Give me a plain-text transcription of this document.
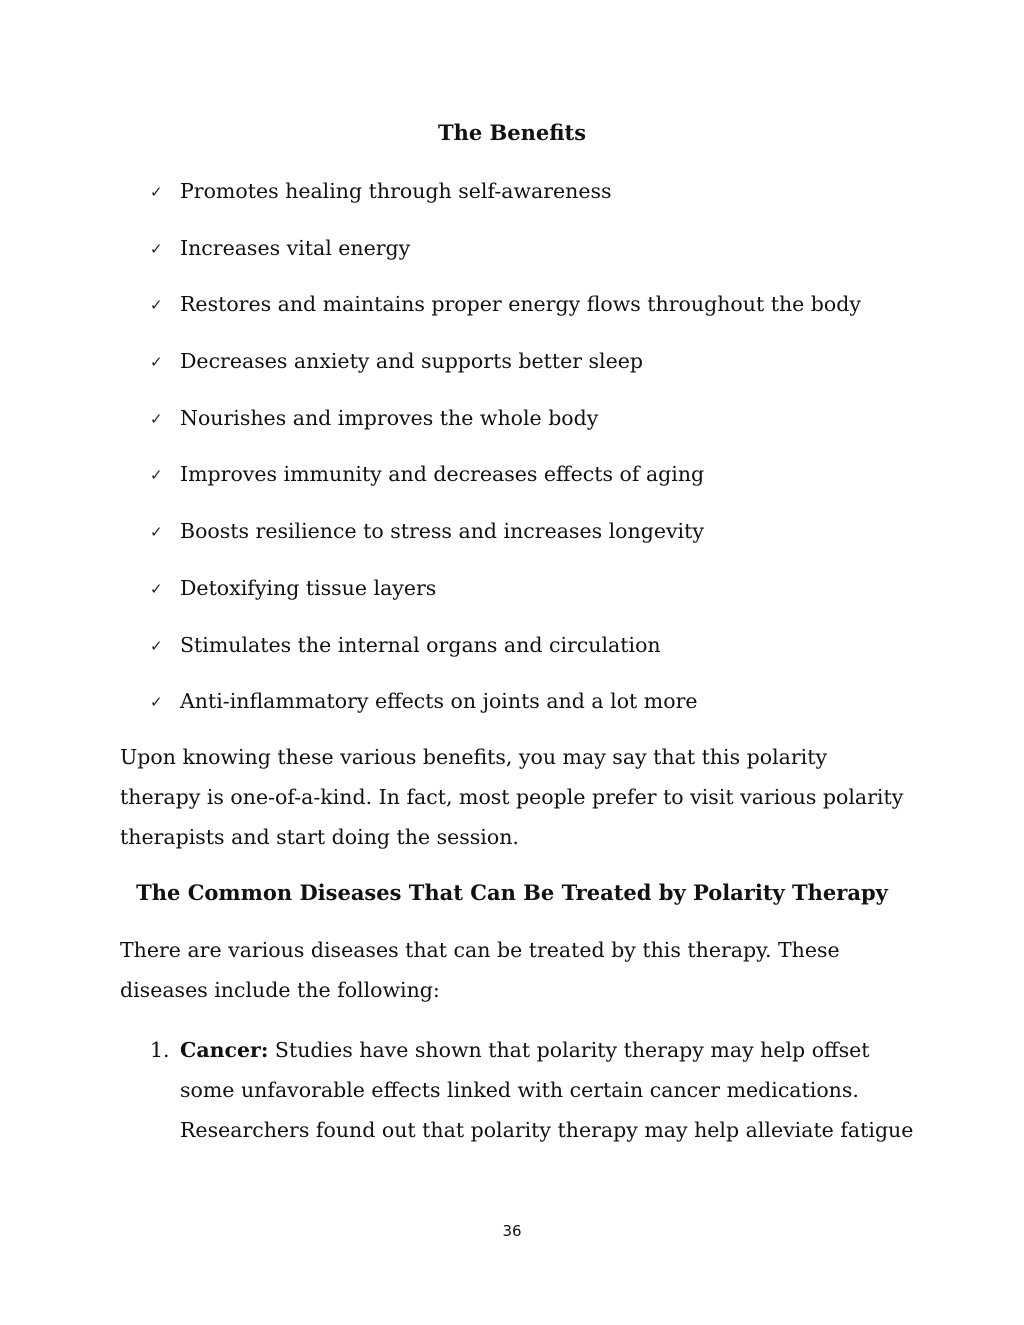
The Benefits
✓ Promotes healing through self-awareness
✓ Increases vital energy
✓ Restores and maintains proper energy flows throughout the body
✓ Decreases anxiety and supports better sleep
✓ Nourishes and improves the whole body
✓ Improves immunity and decreases effects of aging
✓ Boosts resilience to stress and increases longevity
✓ Detoxifying tissue layers
✓ Stimulates the internal organs and circulation
✓ Anti-inflammatory effects on joints and a lot more

Upon knowing these various benefits, you may say that this polarity
therapy is one-of-a-kind. In fact, most people prefer to visit various polarity
therapists and start doing the session.

The Common Diseases That Can Be Treated by Polarity Therapy

There are various diseases that can be treated by this therapy. These
diseases include the following:

1. Cancer: Studies have shown that polarity therapy may help offset
some unfavorable effects linked with certain cancer medications.
Researchers found out that polarity therapy may help alleviate fatigue
36
